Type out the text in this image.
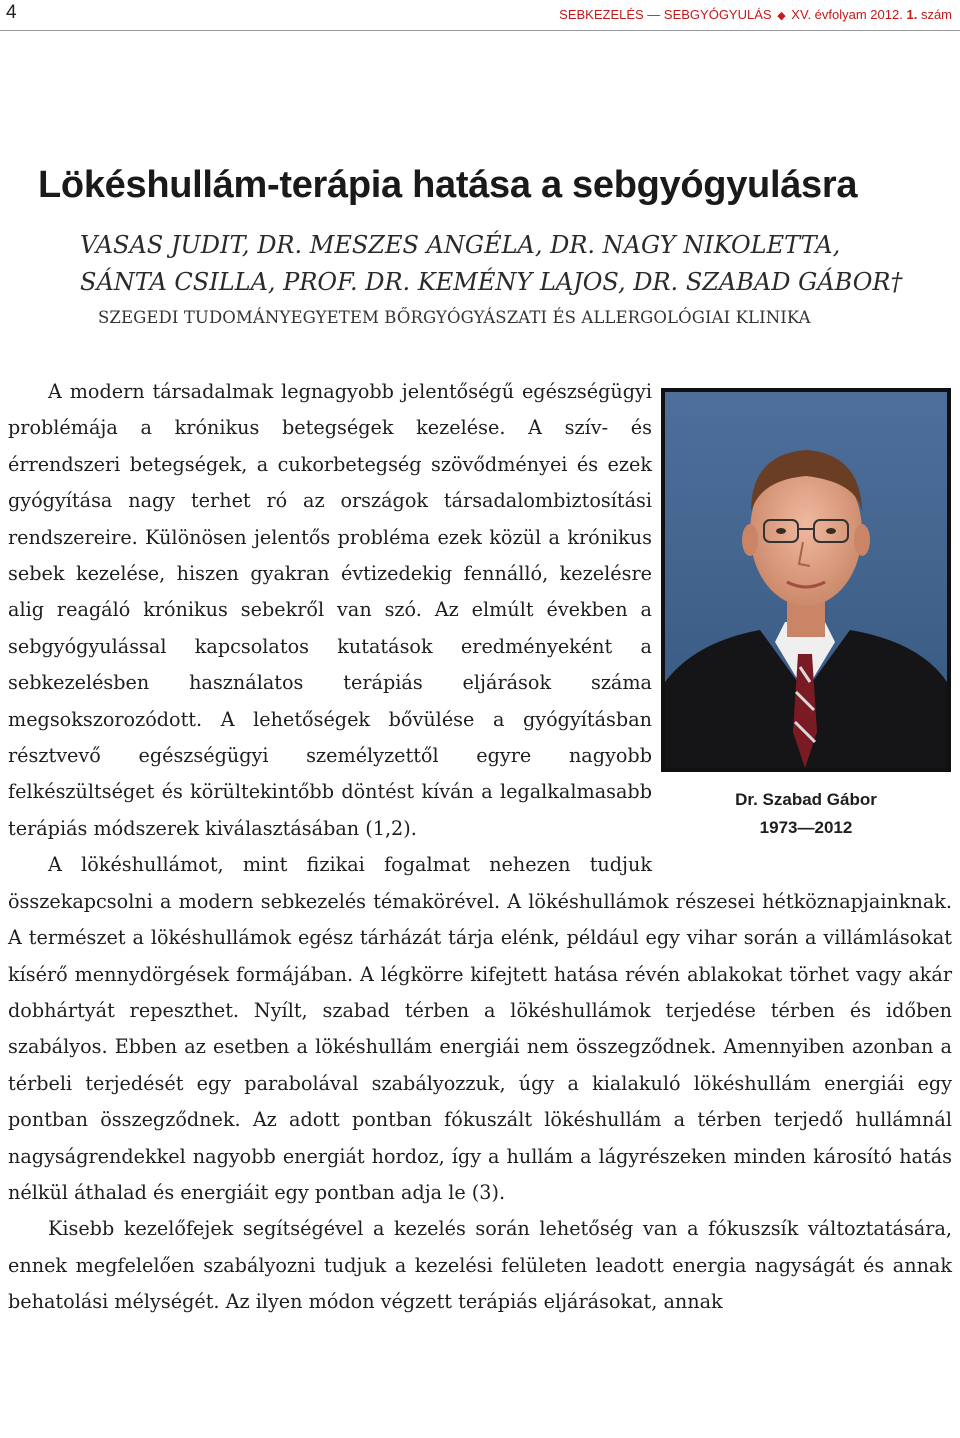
4	SEBKEZELÉS — SEBGYÓGYULÁS ◆ XV. évfolyam 2012. 1. szám
Lökéshullám-terápia hatása a sebgyógyulásra
VASAS JUDIT, DR. MESZES ANGÉLA, DR. NAGY NIKOLETTA,
SÁNTA CSILLA, PROF. DR. KEMÉNY LAJOS, DR. SZABAD GÁBOR†
SZEGEDI TUDOMÁNYEGYETEM BŐRGYÓGYÁSZATI ÉS ALLERGOLÓGIAI KLINIKA
Dr. Szabad Gábor
1973—2012

A modern társadalmak legnagyobb jelentőségű egészségügyi problémája a krónikus betegségek kezelése. A szív- és érrendszeri betegségek, a cukorbetegség szövődményei és ezek gyógyítása nagy terhet ró az országok társadalombiztosítási rendszereire. Különösen jelentős probléma ezek közül a krónikus sebek kezelése, hiszen gyakran évtizedekig fennálló, kezelésre alig reagáló krónikus sebekről van szó. Az elmúlt években a sebgyógyulással kapcsolatos kutatások eredményeként a sebkezelésben használatos terápiás eljárások száma megsokszorozódott. A lehetőségek bővülése a gyógyításban résztvevő egészségügyi személyzettől egyre nagyobb felkészültséget és körültekintőbb döntést kíván a legalkalmasabb terápiás módszerek kiválasztásában (1,2).

A lökéshullámot, mint fizikai fogalmat nehezen tudjuk összekapcsolni a modern sebkezelés témakörével. A lökéshullámok részesei hétköznapjainknak. A természet a lökéshullámok egész tárházát tárja elénk, például egy vihar során a villámlásokat kísérő mennydörgések formájában. A légkörre kifejtett hatása révén ablakokat törhet vagy akár dobhártyát repeszthet. Nyílt, szabad térben a lökéshullámok terjedése térben és időben szabályos. Ebben az esetben a lökéshullám energiái nem összegződnek. Amennyiben azonban a térbeli terjedését egy parabolával szabályozzuk, úgy a kialakuló lökéshullám energiái egy pontban összegződnek. Az adott pontban fókuszált lökéshullám a térben terjedő hullámnál nagyságrendekkel nagyobb energiát hordoz, így a hullám a lágyrészeken minden károsító hatás nélkül áthalad és energiáit egy pontban adja le (3).

Kisebb kezelőfejek segítségével a kezelés során lehetőség van a fókuszsík változtatására, ennek megfelelően szabályozni tudjuk a kezelési felületen leadott energia nagyságát és annak behatolási mélységét. Az ilyen módon végzett terápiás eljárásokat, annak
